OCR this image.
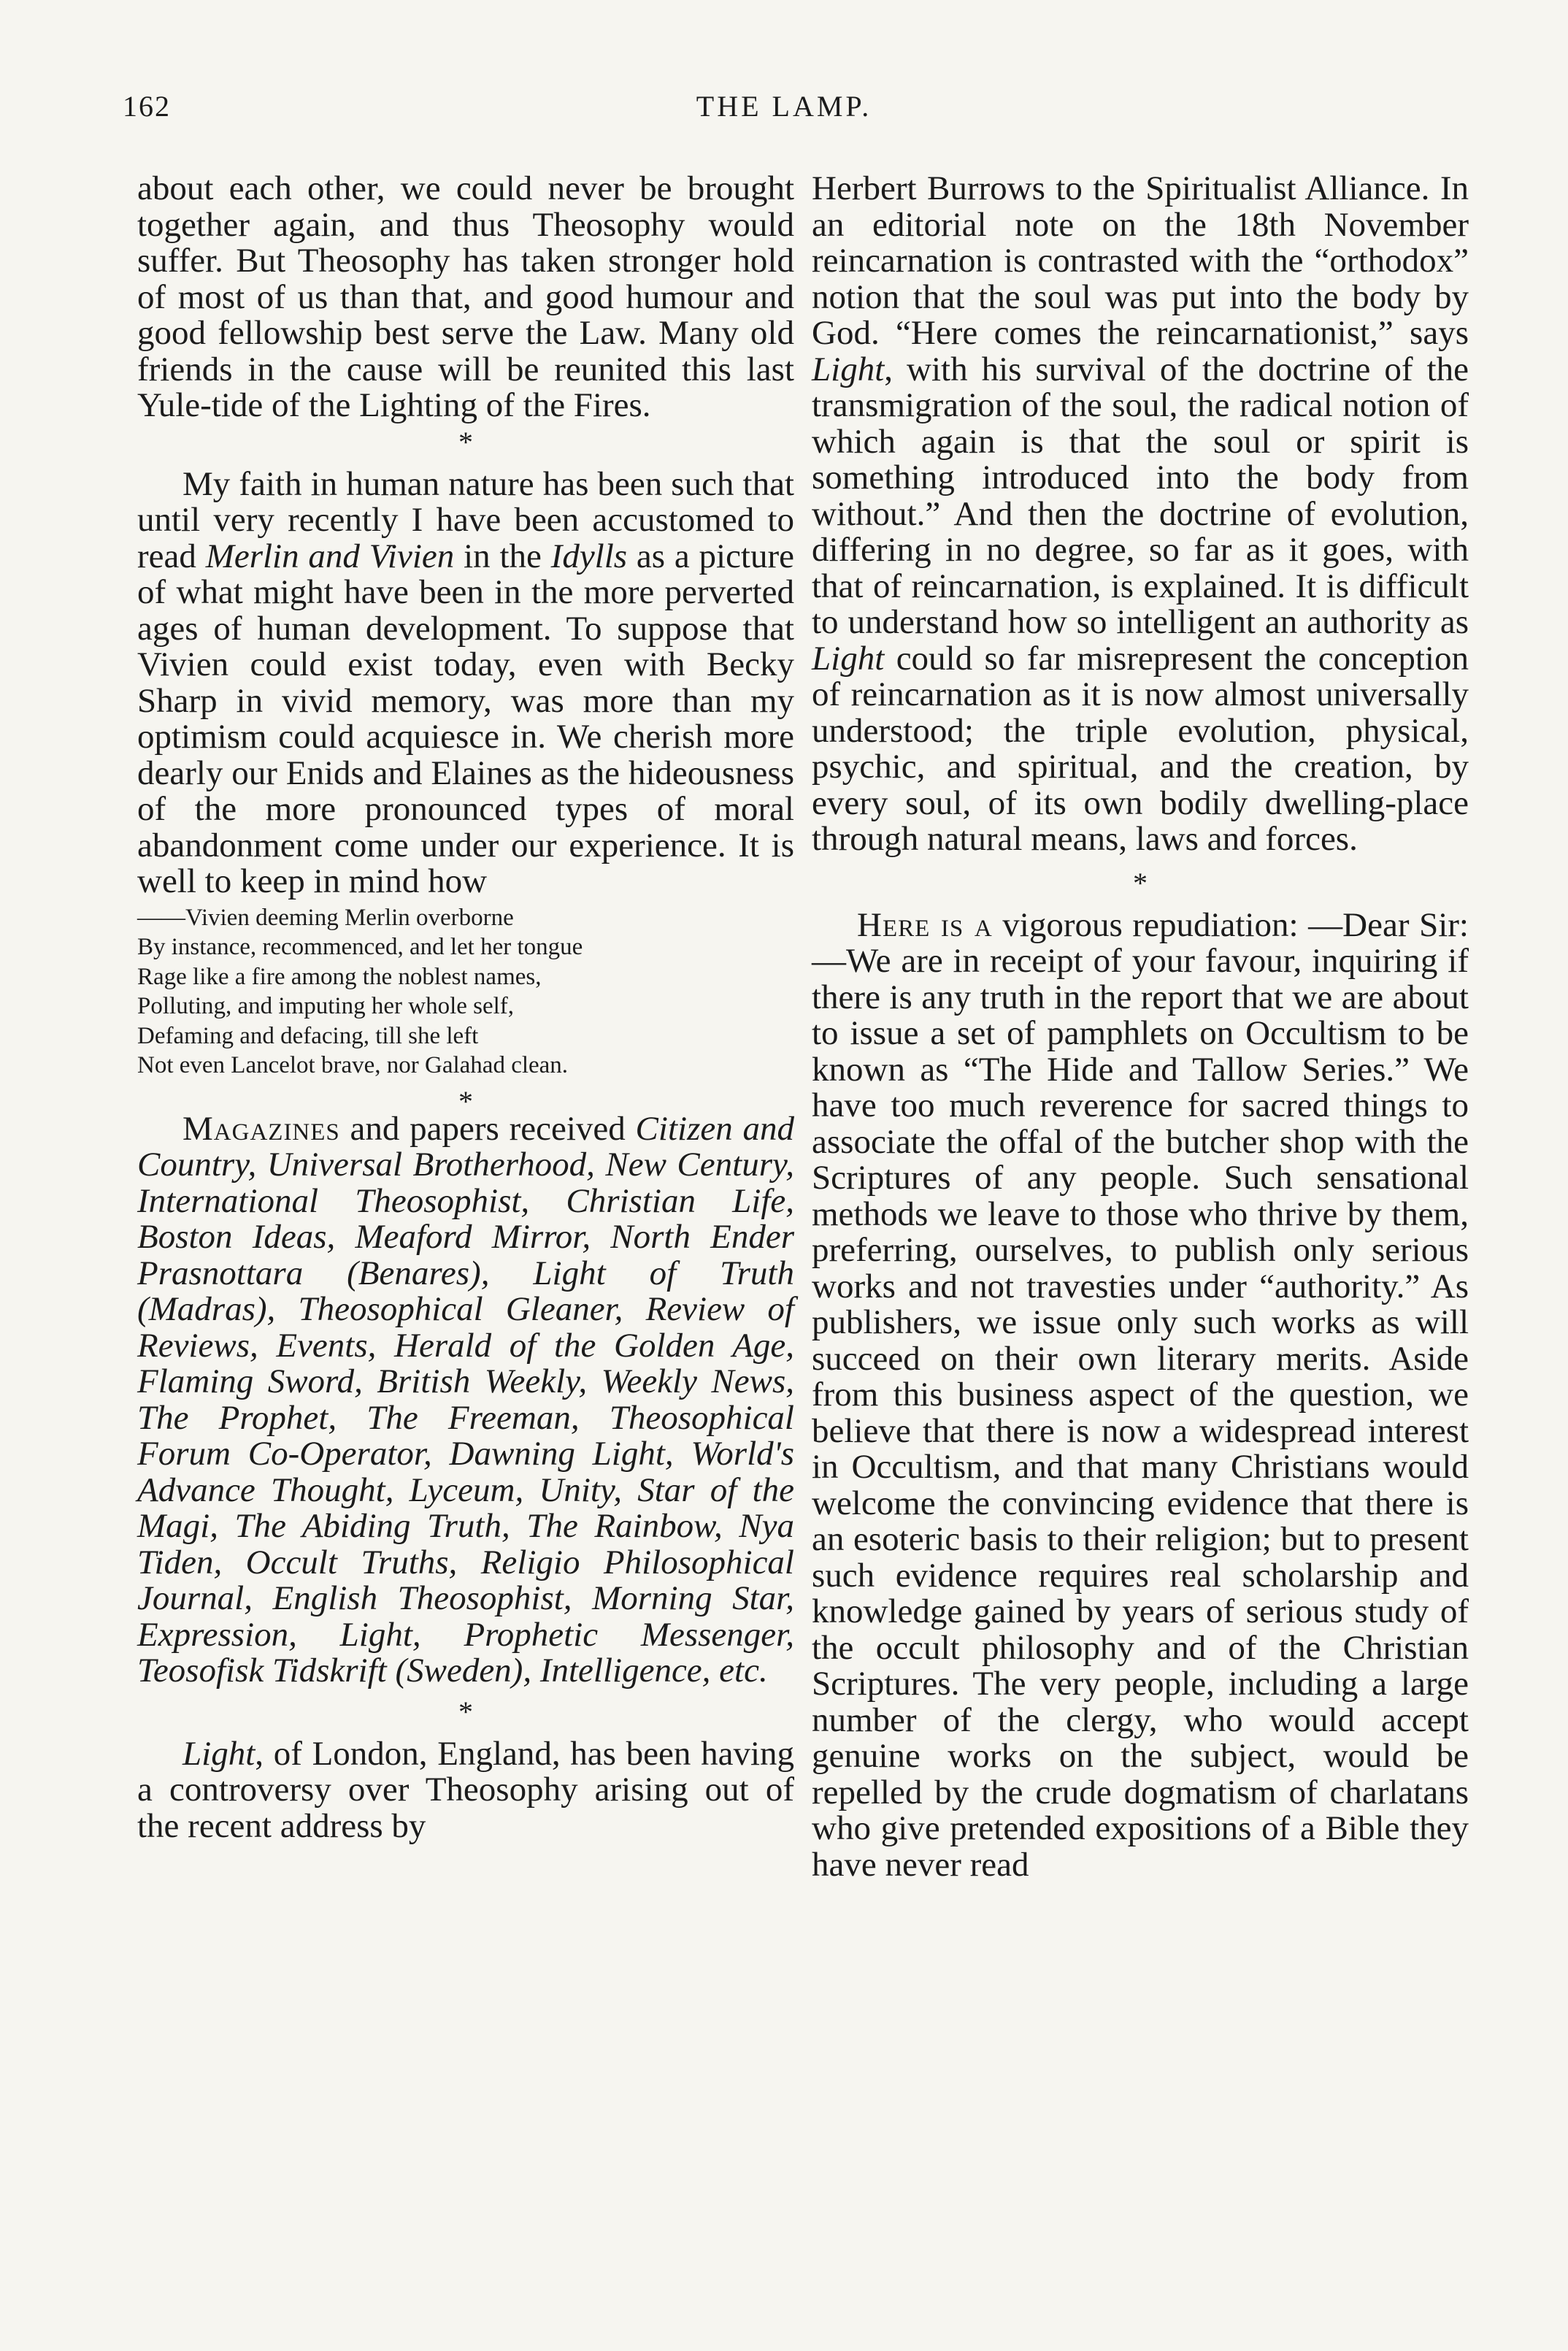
162	THE LAMP.

about each other, we could never be brought together again, and thus Theosophy would suffer. But Theosophy has taken stronger hold of most of us than that, and good humour and good fellowship best serve the Law. Many old friends in the cause will be reunited this last Yule-tide of the Lighting of the Fires.

*

My faith in human nature has been such that until very recently I have been accustomed to read Merlin and Vivien in the Idylls as a picture of what might have been in the more perverted ages of human development. To suppose that Vivien could exist today, even with Becky Sharp in vivid memory, was more than my optimism could acquiesce in. We cherish more dearly our Enids and Elaines as the hideousness of the more pronounced types of moral abandonment come under our experience. It is well to keep in mind how

——Vivien deeming Merlin overborne
By instance, recommenced, and let her tongue
Rage like a fire among the noblest names,
Polluting, and imputing her whole self,
Defaming and defacing, till she left
Not even Lancelot brave, nor Galahad clean.
*

Magazines and papers received Citizen and Country, Universal Brotherhood, New Century, International Theosophist, Christian Life, Boston Ideas, Meaford Mirror, North Ender Prasnottara (Benares), Light of Truth (Madras), Theosophical Gleaner, Review of Reviews, Events, Herald of the Golden Age, Flaming Sword, British Weekly, Weekly News, The Prophet, The Freeman, Theosophical Forum Co-Operator, Dawning Light, World's Advance Thought, Lyceum, Unity, Star of the Magi, The Abiding Truth, The Rainbow, Nya Tiden, Occult Truths, Religio Philosophical Journal, English Theosophist, Morning Star, Expression, Light, Prophetic Messenger, Teosofisk Tidskrift (Sweden), Intelligence, etc.

*

Light, of London, England, has been having a controversy over Theosophy arising out of the recent address by

Herbert Burrows to the Spiritualist Alliance. In an editorial note on the 18th November reincarnation is contrasted with the “orthodox” notion that the soul was put into the body by God. “Here comes the reincarnationist,” says Light, with his survival of the doctrine of the transmigration of the soul, the radical notion of which again is that the soul or spirit is something introduced into the body from without.” And then the doctrine of evolution, differing in no degree, so far as it goes, with that of reincarnation, is explained. It is difficult to understand how so intelligent an authority as Light could so far misrepresent the conception of reincarnation as it is now almost universally understood; the triple evolution, physical, psychic, and spiritual, and the creation, by every soul, of its own bodily dwelling-place through natural means, laws and forces.

*

Here is a vigorous repudiation: —Dear Sir:—We are in receipt of your favour, inquiring if there is any truth in the report that we are about to issue a set of pamphlets on Occultism to be known as “The Hide and Tallow Series.” We have too much reverence for sacred things to associate the offal of the butcher shop with the Scriptures of any people. Such sensational methods we leave to those who thrive by them, preferring, ourselves, to publish only serious works and not travesties under “authority.” As publishers, we issue only such works as will succeed on their own literary merits. Aside from this business aspect of the question, we believe that there is now a widespread interest in Occultism, and that many Christians would welcome the convincing evidence that there is an esoteric basis to their religion; but to present such evidence requires real scholarship and knowledge gained by years of serious study of the occult philosophy and of the Christian Scriptures. The very people, including a large number of the clergy, who would accept genuine works on the subject, would be repelled by the crude dogmatism of charlatans who give pretended expositions of a Bible they have never read
